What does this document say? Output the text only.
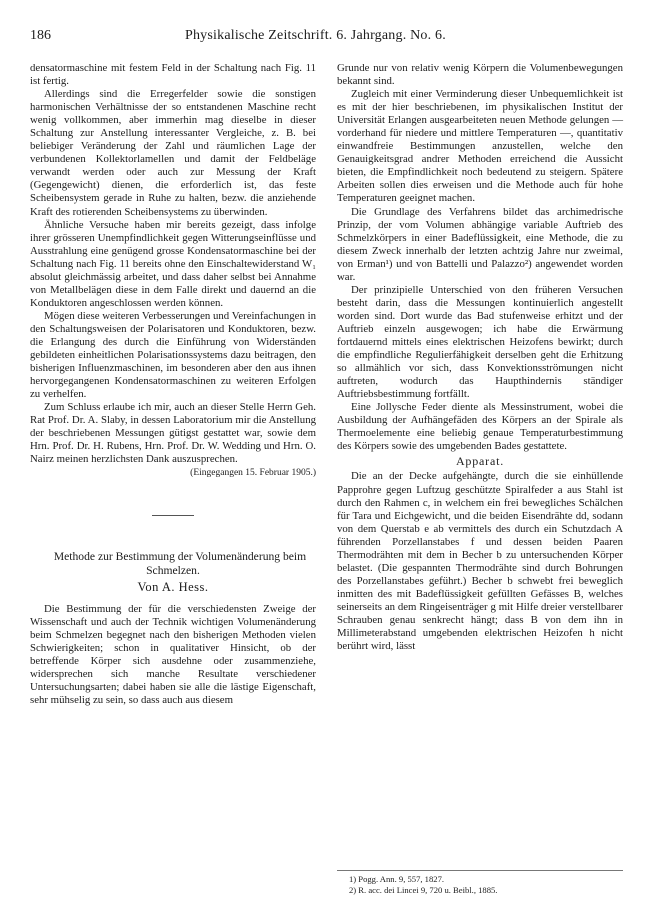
186	Physikalische Zeitschrift. 6. Jahrgang. No. 6.

densatormaschine mit festem Feld in der Schaltung nach Fig. 11 ist fertig.

Allerdings sind die Erregerfelder sowie die sonstigen harmonischen Verhältnisse der so entstandenen Maschine recht wenig vollkommen, aber immerhin mag dieselbe in dieser Schaltung zur Anstellung interessanter Vergleiche, z. B. bei beliebiger Veränderung der Zahl und räumlichen Lage der verbundenen Kollektorlamellen und damit der Feldbeläge verwandt werden oder auch zur Messung der Kraft (Gegengewicht) dienen, die erforderlich ist, das feste Scheibensystem gerade in Ruhe zu halten, bezw. die anziehende Kraft des rotierenden Scheibensystems zu überwinden.

Ähnliche Versuche haben mir bereits gezeigt, dass infolge ihrer grösseren Unempfindlichkeit gegen Witterungseinflüsse und Ausstrahlung eine genügend grosse Kondensatormaschine bei der Schaltung nach Fig. 11 bereits ohne den Einschaltewiderstand W₁ absolut gleichmässig arbeitet, und dass daher selbst bei Annahme von Metallbelägen diese in dem Falle direkt und dauernd an die Konduktoren angeschlossen werden können.

Mögen diese weiteren Verbesserungen und Vereinfachungen in den Schaltungsweisen der Polarisatoren und Konduktoren, bezw. die Erlangung des durch die Einführung von Widerständen gebildeten einheitlichen Polarisationssystems dazu beitragen, den bisherigen Influenzmaschinen, im besonderen aber den aus ihnen hervorgegangenen Kondensatormaschinen zu weiteren Erfolgen zu verhelfen.

Zum Schluss erlaube ich mir, auch an dieser Stelle Herrn Geh. Rat Prof. Dr. A. Slaby, in dessen Laboratorium mir die Anstellung der beschriebenen Messungen gütigst gestattet war, sowie dem Hrn. Prof. Dr. H. Rubens, Hrn. Prof. Dr. W. Wedding und Hrn. O. Nairz meinen herzlichsten Dank auszusprechen.

(Eingegangen 15. Februar 1905.)

Methode zur Bestimmung der Volumenänderung beim Schmelzen.

Von A. Hess.

Die Bestimmung der für die verschiedensten Zweige der Wissenschaft und auch der Technik wichtigen Volumenänderung beim Schmelzen begegnet nach den bisherigen Methoden vielen Schwierigkeiten; schon in qualitativer Hinsicht, ob der betreffende Körper sich ausdehne oder zusammenziehe, widersprechen sich manche Resultate verschiedener Untersuchungsarten; dabei haben sie alle die lästige Eigenschaft, sehr mühselig zu sein, so dass auch aus diesem

Grunde nur von relativ wenig Körpern die Volumenbewegungen bekannt sind.

Zugleich mit einer Verminderung dieser Unbequemlichkeit ist es mit der hier beschriebenen, im physikalischen Institut der Universität Erlangen ausgearbeiteten neuen Methode gelungen — vorderhand für niedere und mittlere Temperaturen —, quantitativ einwandfreie Bestimmungen anzustellen, welche den Genauigkeitsgrad andrer Methoden erreichend die Aussicht bieten, die Empfindlichkeit noch bedeutend zu steigern. Spätere Arbeiten sollen dies erweisen und die Methode auch für hohe Temperaturen geeignet machen.

Die Grundlage des Verfahrens bildet das archimedrische Prinzip, der vom Volumen abhängige variable Auftrieb des Schmelzkörpers in einer Badeflüssigkeit, eine Methode, die zu diesem Zweck innerhalb der letzten achtzig Jahre nur zweimal, von Erman¹) und von Battelli und Palazzo²) angewendet worden war.

Der prinzipielle Unterschied von den früheren Versuchen besteht darin, dass die Messungen kontinuierlich angestellt worden sind. Dort wurde das Bad stufenweise erhitzt und der Auftrieb einzeln ausgewogen; ich habe die Erwärmung fortdauernd mittels eines elektrischen Heizofens bewirkt; durch die empfindliche Regulierfähigkeit derselben geht die Erhitzung so allmählich vor sich, dass Konvektionsströmungen nicht auftreten, wodurch das Haupthindernis ständiger Auftriebsbestimmung fortfällt.

Eine Jollysche Feder diente als Messinstrument, wobei die Ausbildung der Aufhängefäden des Körpers an der Spirale als Thermoelemente eine beliebig genaue Temperaturbestimmung des Körpers sowie des umgebenden Bades gestattete.

Apparat.

Die an der Decke aufgehängte, durch die sie einhüllende Papprohre gegen Luftzug geschützte Spiralfeder a aus Stahl ist durch den Rahmen c, in welchem ein frei bewegliches Schälchen für Tara und Eichgewicht, und die beiden Eisendrähte dd, sodann von dem Querstab e ab vermittels des durch ein Schutzdach A führenden Porzellanstabes f und dessen beiden Paaren Thermodrähten mit dem in Becher b zu untersuchenden Körper belastet. (Die gespannten Thermodrähte sind durch Bohrungen des Porzellanstabes geführt.) Becher b schwebt frei beweglich inmitten des mit Badeflüssigkeit gefüllten Gefässes B, welches seinerseits an dem Ringeisenträger g mit Hilfe dreier verstellbarer Schrauben genau senkrecht hängt; dass B von dem ihn in Millimeterabstand umgebenden elektrischen Heizofen h nicht berührt wird, lässt

1) Pogg. Ann. 9, 557, 1827.
2) R. acc. dei Lincei 9, 720 u. Beibl., 1885.
